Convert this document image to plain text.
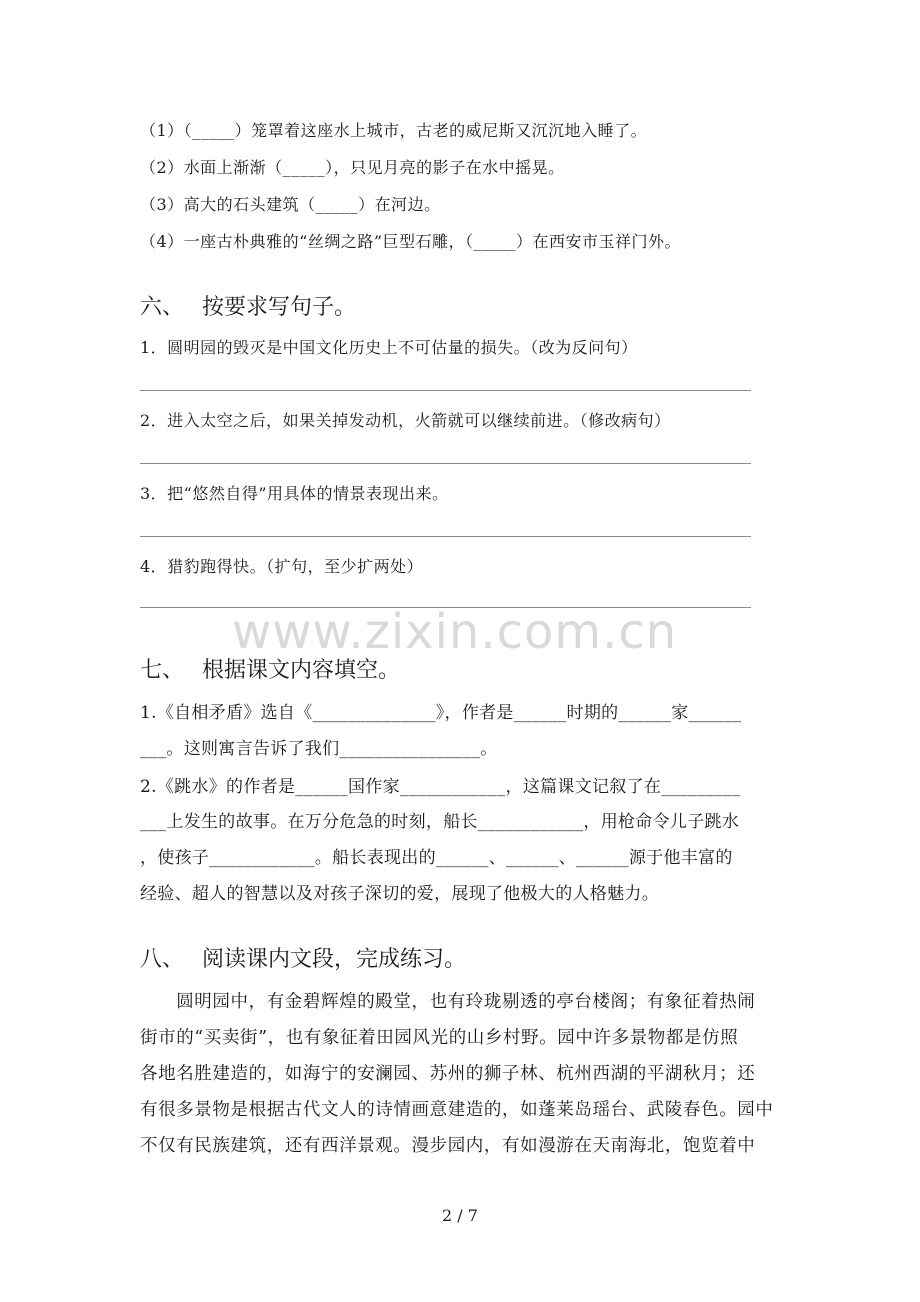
（1）（_____）笼罩着这座水上城市，古老的威尼斯又沉沉地入睡了。
（2）水面上渐渐（_____），只见月亮的影子在水中摇晃。
（3）高大的石头建筑（_____）在河边。
（4）一座古朴典雅的“丝绸之路”巨型石雕，（_____）在西安市玉祥门外。
六、 按要求写句子。
1．圆明园的毁灭是中国文化历史上不可估量的损失。（改为反问句）
2．进入太空之后，如果关掉发动机，火箭就可以继续前进。（修改病句）
3．把“悠然自得”用具体的情景表现出来。
4．猎豹跑得快。（扩句，至少扩两处）
www.zixin.com.cn
七、 根据课文内容填空。
1.《自相矛盾》选自《______________》，作者是______时期的______家______
___。这则寓言告诉了我们________________。
2.《跳水》的作者是______国作家____________，这篇课文记叙了在_________
___上发生的故事。在万分危急的时刻，船长____________，用枪命令儿子跳水
，使孩子____________。船长表现出的______、______、______源于他丰富的
经验、超人的智慧以及对孩子深切的爱，展现了他极大的人格魅力。
八、 阅读课内文段，完成练习。
　　圆明园中，有金碧辉煌的殿堂，也有玲珑剔透的亭台楼阁；有象征着热闹
街市的“买卖街”，也有象征着田园风光的山乡村野。园中许多景物都是仿照
各地名胜建造的，如海宁的安澜园、苏州的狮子林、杭州西湖的平湖秋月；还
有很多景物是根据古代文人的诗情画意建造的，如蓬莱岛瑶台、武陵春色。园中
不仅有民族建筑，还有西洋景观。漫步园内，有如漫游在天南海北，饱览着中
2 / 7
